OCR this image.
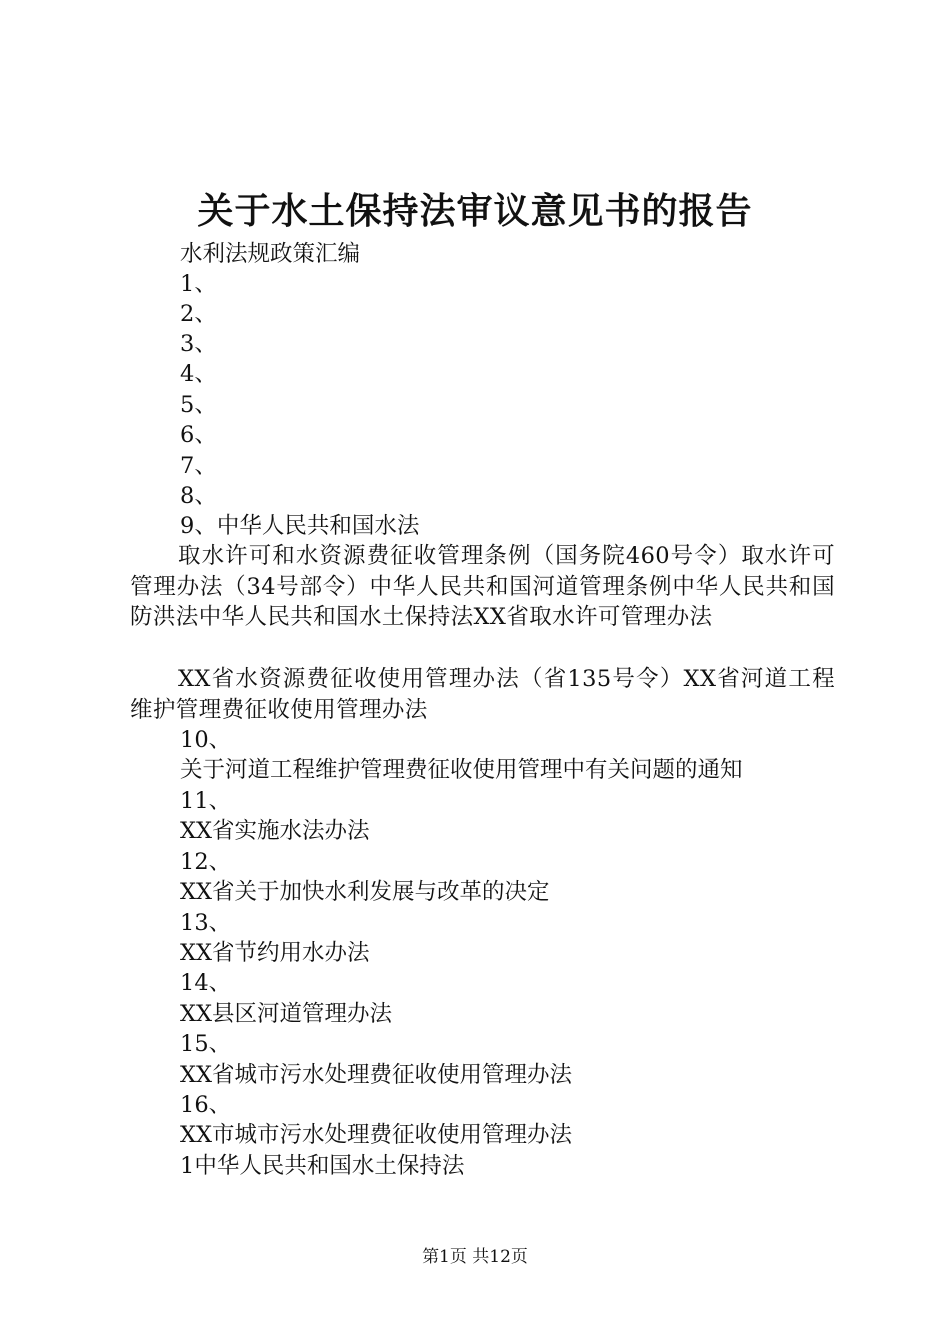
关于水土保持法审议意见书的报告
水利法规政策汇编
1、
2、
3、
4、
5、
6、
7、
8、
9、中华人民共和国水法
取水许可和水资源费征收管理条例（国务院460号令）取水许可管理办法（34号部令）中华人民共和国河道管理条例中华人民共和国防洪法中华人民共和国水土保持法XX省取水许可管理办法
XX省水资源费征收使用管理办法（省135号令）XX省河道工程维护管理费征收使用管理办法
10、
关于河道工程维护管理费征收使用管理中有关问题的通知
11、
XX省实施水法办法
12、
XX省关于加快水利发展与改革的决定
13、
XX省节约用水办法
14、
XX县区河道管理办法
15、
XX省城市污水处理费征收使用管理办法
16、
XX市城市污水处理费征收使用管理办法
1中华人民共和国水土保持法
第1页 共12页
